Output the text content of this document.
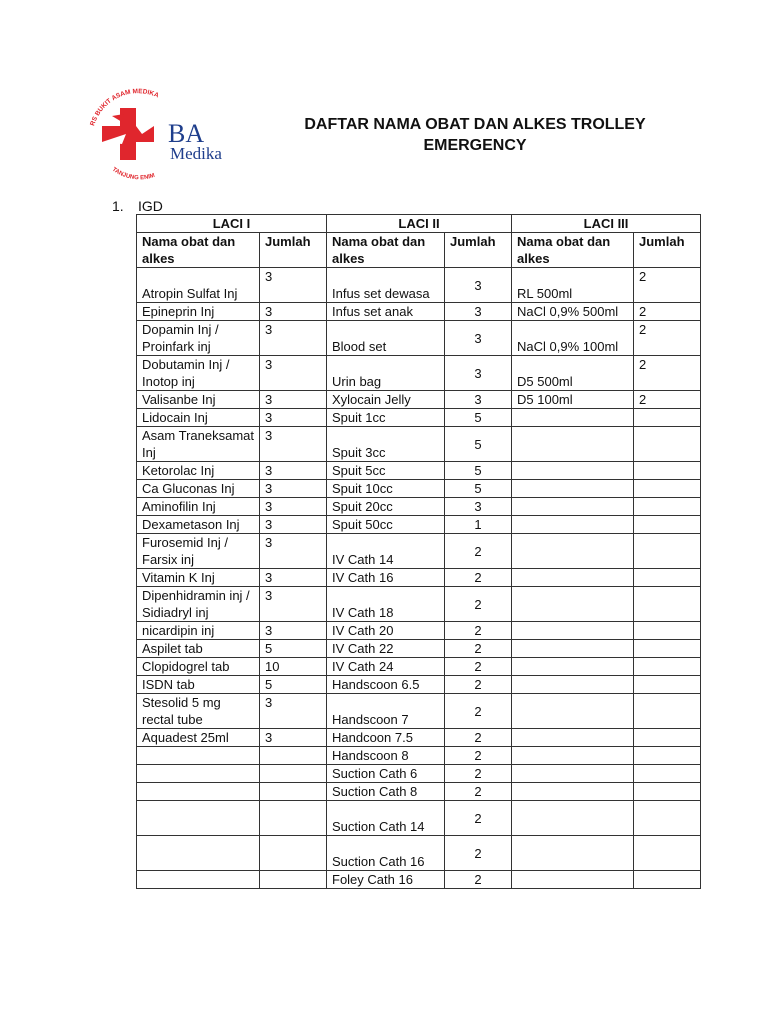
RS BUKIT ASAM MEDIKA
TANJUNG ENIM
BA
Medika
DAFTAR NAMA OBAT DAN ALKES TROLLEY
EMERGENCY
1. IGD
LACI I		LACI II		LACI III	
Nama obat dan alkes	Jumlah	Nama obat dan alkes	Jumlah	Nama obat dan alkes	Jumlah
Atropin Sulfat Inj	3	Infus set dewasa	3	RL 500ml	2
Epineprin Inj	3	Infus set anak	3	NaCl 0,9% 500ml	2
Dopamin Inj / Proinfark inj	3	Blood set	3	NaCl 0,9% 100ml	2
Dobutamin Inj / Inotop inj	3	Urin bag	3	D5 500ml	2
Valisanbe Inj	3	Xylocain Jelly	3	D5 100ml	2
Lidocain Inj	3	Spuit 1cc	5		
Asam Traneksamat Inj	3	Spuit 3cc	5		
Ketorolac Inj	3	Spuit 5cc	5		
Ca Gluconas Inj	3	Spuit 10cc	5		
Aminofilin Inj	3	Spuit 20cc	3		
Dexametason Inj	3	Spuit 50cc	1		
Furosemid Inj / Farsix inj	3	IV Cath 14	2		
Vitamin K Inj	3	IV Cath 16	2		
Dipenhidramin inj / Sidiadryl inj	3	IV Cath 18	2		
nicardipin inj	3	IV Cath 20	2		
Aspilet tab	5	IV Cath 22	2		
Clopidogrel tab	10	IV Cath 24	2		
ISDN tab	5	Handscoon 6.5	2		
Stesolid 5 mg rectal tube	3	Handscoon 7	2		
Aquadest 25ml	3	Handcoon 7.5	2		
		Handscoon 8	2		
		Suction Cath 6	2		
		Suction Cath 8	2		
		Suction Cath 14	2		
		Suction Cath 16	2		
		Foley Cath 16	2		
